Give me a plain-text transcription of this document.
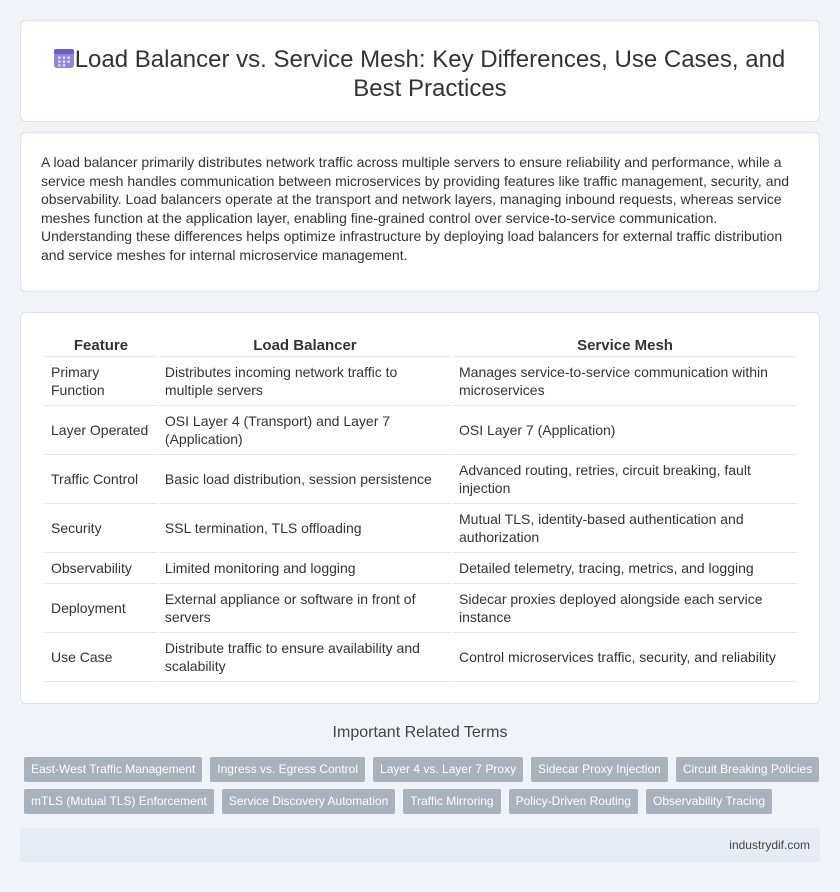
Load Balancer vs. Service Mesh: Key Differences, Use Cases, and Best Practices

A load balancer primarily distributes network traffic across multiple servers to ensure reliability and performance, while a service mesh handles communication between microservices by providing features like traffic management, security, and observability. Load balancers operate at the transport and network layers, managing inbound requests, whereas service meshes function at the application layer, enabling fine-grained control over service-to-service communication. Understanding these differences helps optimize infrastructure by deploying load balancers for external traffic distribution and service meshes for internal microservice management.

Feature	Load Balancer	Service Mesh
Primary Function	Distributes incoming network traffic to multiple servers	Manages service-to-service communication within microservices
Layer Operated	OSI Layer 4 (Transport) and Layer 7 (Application)	OSI Layer 7 (Application)
Traffic Control	Basic load distribution, session persistence	Advanced routing, retries, circuit breaking, fault injection
Security	SSL termination, TLS offloading	Mutual TLS, identity-based authentication and authorization
Observability	Limited monitoring and logging	Detailed telemetry, tracing, metrics, and logging
Deployment	External appliance or software in front of servers	Sidecar proxies deployed alongside each service instance
Use Case	Distribute traffic to ensure availability and scalability	Control microservices traffic, security, and reliability
Important Related Terms
East-West Traffic Management	Ingress vs. Egress Control	Layer 4 vs. Layer 7 Proxy	Sidecar Proxy Injection	Circuit Breaking Policies
mTLS (Mutual TLS) Enforcement	Service Discovery Automation	Traffic Mirroring	Policy-Driven Routing	Observability Tracing
industrydif.com
